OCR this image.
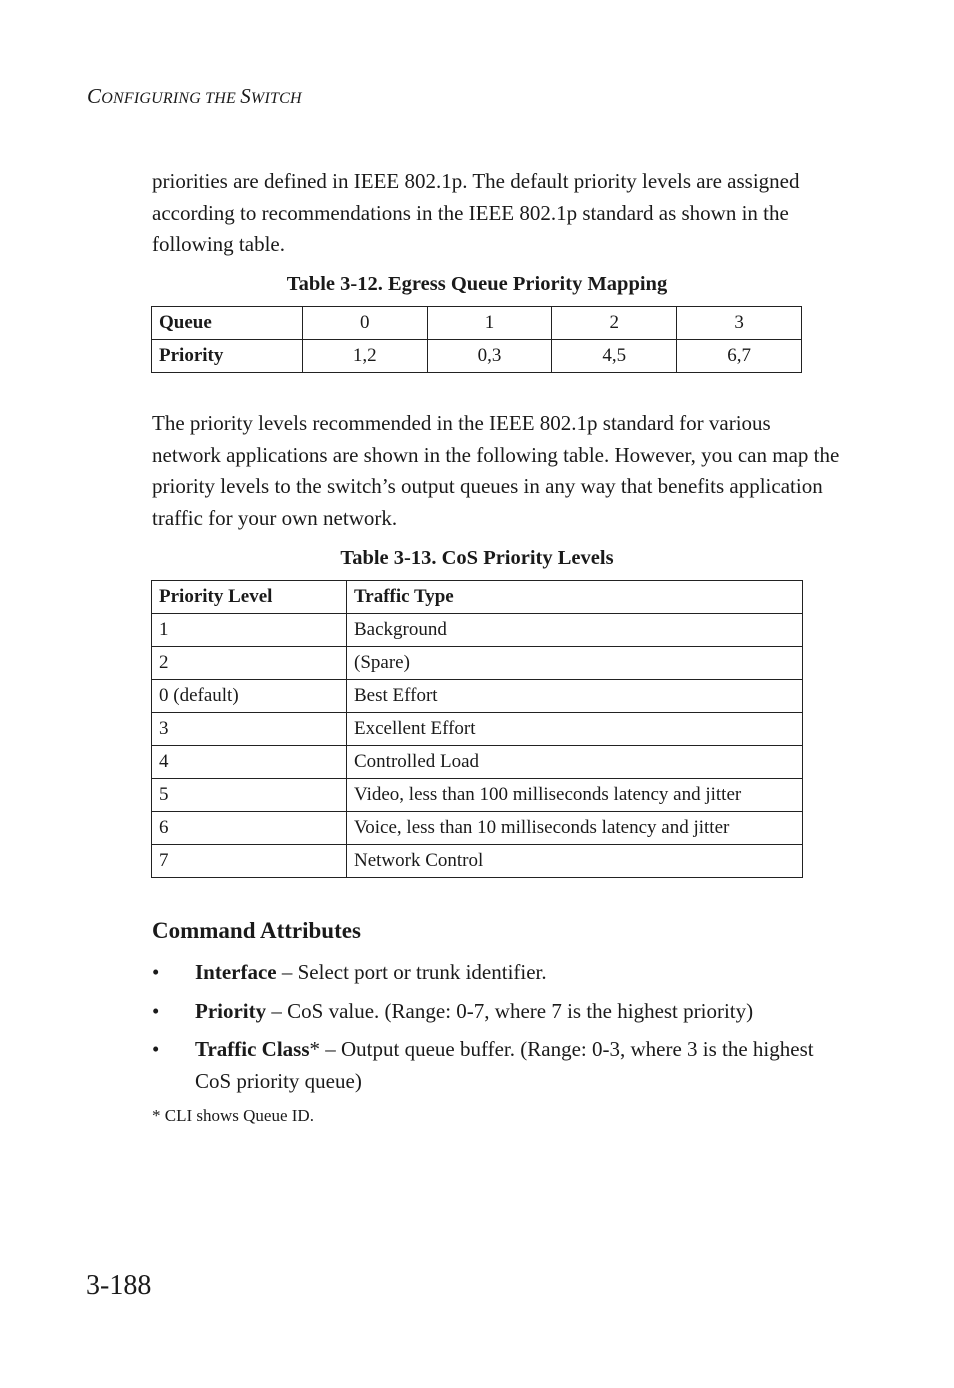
CONFIGURING THE SWITCH
priorities are defined in IEEE 802.1p. The default priority levels are assigned according to recommendations in the IEEE 802.1p standard as shown in the following table.
Table 3-12. Egress Queue Priority Mapping
Queue	0	1	2	3
Priority	1,2	0,3	4,5	6,7
The priority levels recommended in the IEEE 802.1p standard for various network applications are shown in the following table. However, you can map the priority levels to the switch’s output queues in any way that benefits application traffic for your own network.
Table 3-13. CoS Priority Levels
Priority Level	Traffic Type
1	Background
2	(Spare)
0 (default)	Best Effort
3	Excellent Effort
4	Controlled Load
5	Video, less than 100 milliseconds latency and jitter
6	Voice, less than 10 milliseconds latency and jitter
7	Network Control
Command Attributes
•	Interface – Select port or trunk identifier.
•	Priority – CoS value. (Range: 0-7, where 7 is the highest priority)
•	Traffic Class* – Output queue buffer. (Range: 0-3, where 3 is the highest CoS priority queue)
* CLI shows Queue ID.
3-188
